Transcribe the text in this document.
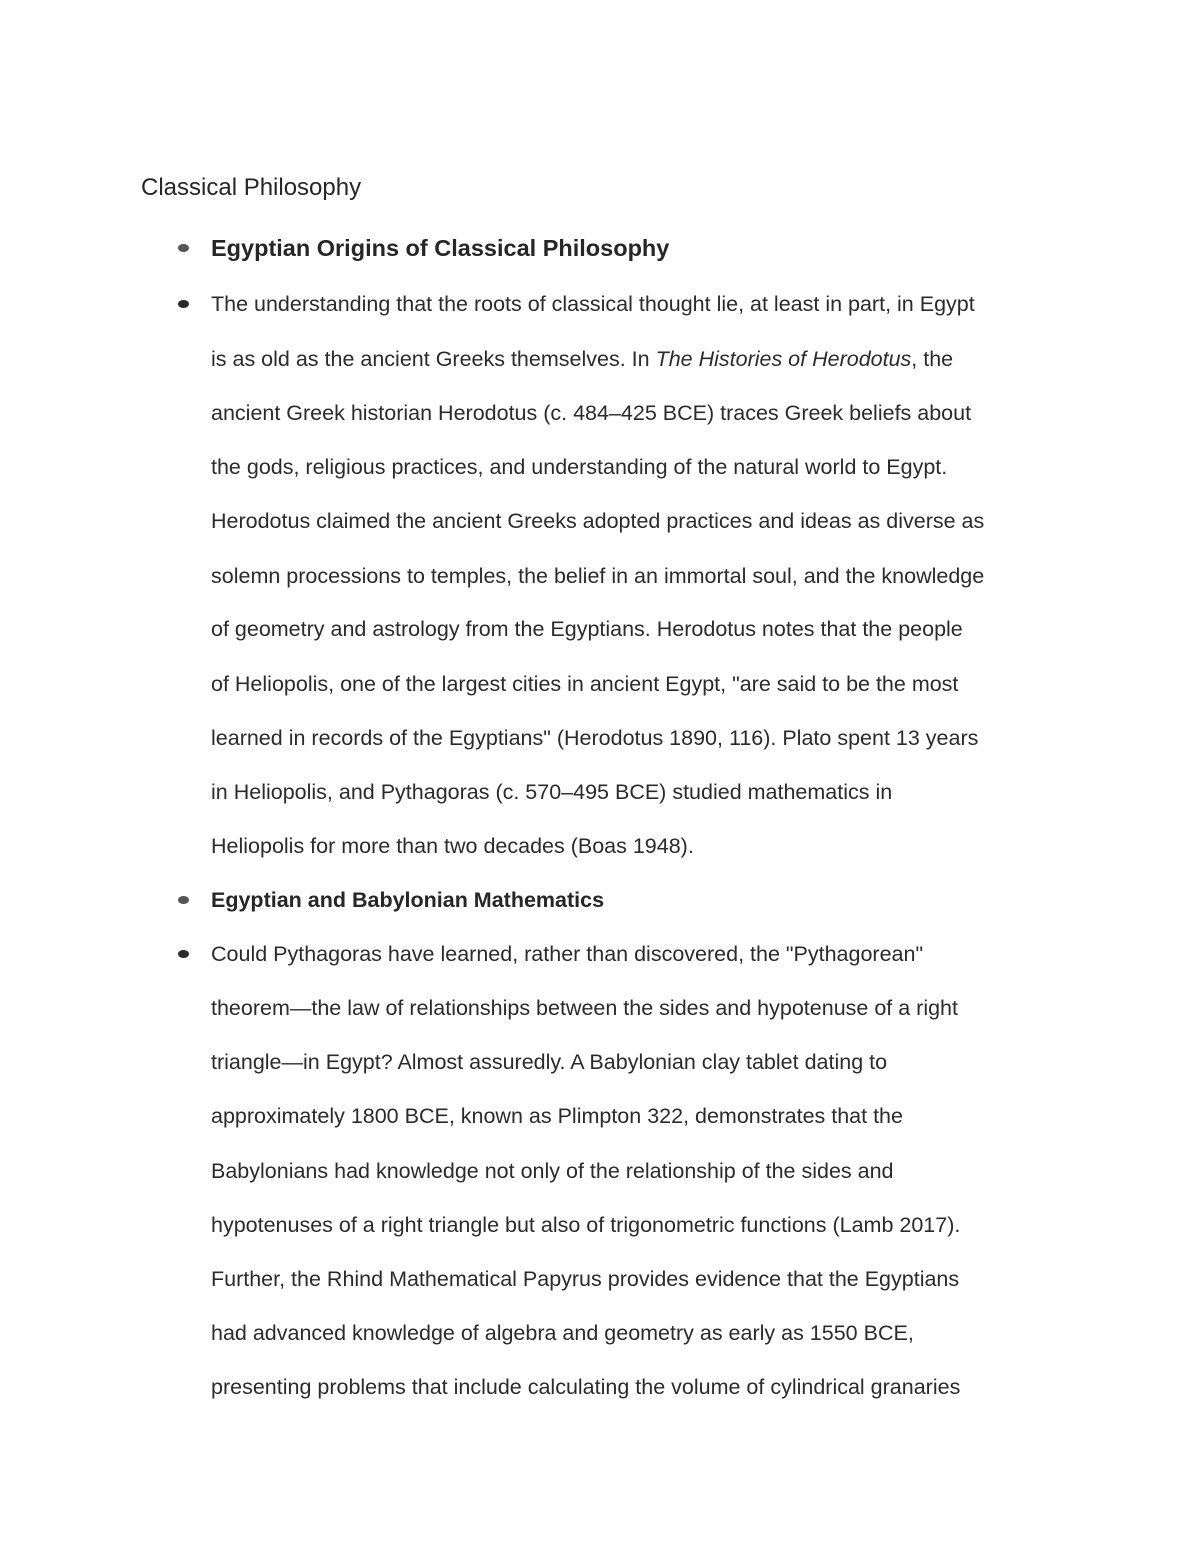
Classical Philosophy
Egyptian Origins of Classical Philosophy
The understanding that the roots of classical thought lie, at least in part, in Egypt
is as old as the ancient Greeks themselves. In The Histories of Herodotus, the
ancient Greek historian Herodotus (c. 484–425 BCE) traces Greek beliefs about
the gods, religious practices, and understanding of the natural world to Egypt.
Herodotus claimed the ancient Greeks adopted practices and ideas as diverse as
solemn processions to temples, the belief in an immortal soul, and the knowledge
of geometry and astrology from the Egyptians. Herodotus notes that the people
of Heliopolis, one of the largest cities in ancient Egypt, "are said to be the most
learned in records of the Egyptians" (Herodotus 1890, 116). Plato spent 13 years
in Heliopolis, and Pythagoras (c. 570–495 BCE) studied mathematics in
Heliopolis for more than two decades (Boas 1948).
Egyptian and Babylonian Mathematics
Could Pythagoras have learned, rather than discovered, the "Pythagorean"
theorem—the law of relationships between the sides and hypotenuse of a right
triangle—in Egypt? Almost assuredly. A Babylonian clay tablet dating to
approximately 1800 BCE, known as Plimpton 322, demonstrates that the
Babylonians had knowledge not only of the relationship of the sides and
hypotenuses of a right triangle but also of trigonometric functions (Lamb 2017).
Further, the Rhind Mathematical Papyrus provides evidence that the Egyptians
had advanced knowledge of algebra and geometry as early as 1550 BCE,
presenting problems that include calculating the volume of cylindrical granaries
